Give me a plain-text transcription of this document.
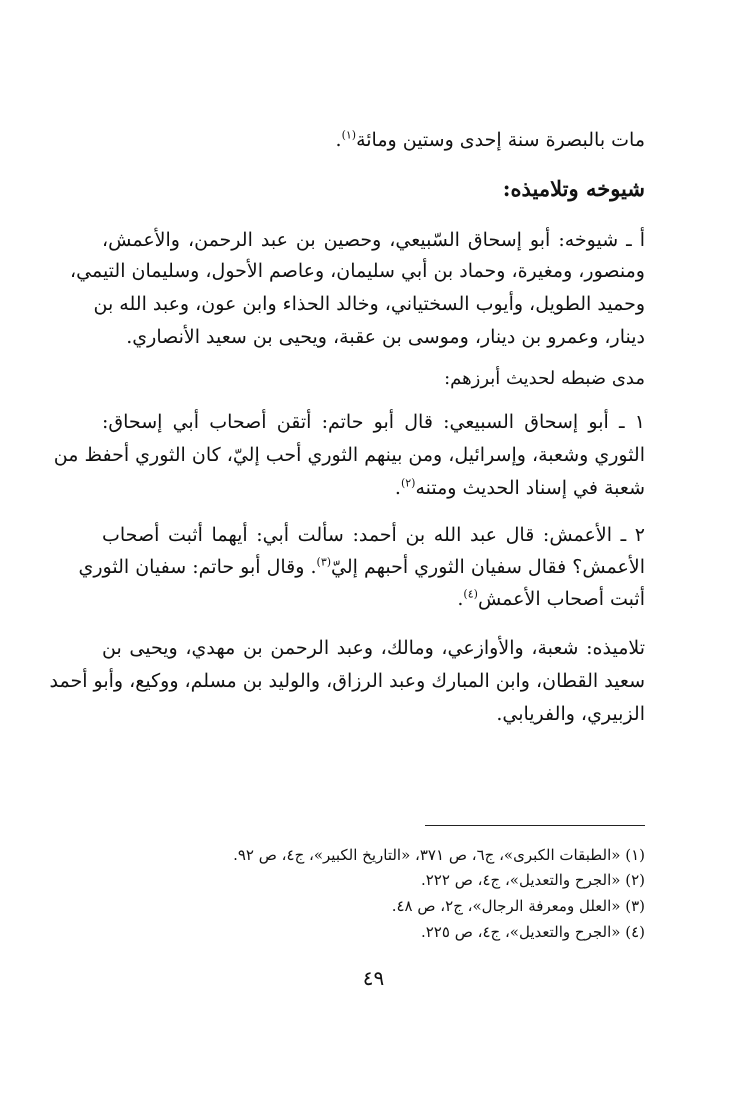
مات بالبصرة سنة إحدى وستين ومائة$^{(١)}$.
شيوخه وتلاميذه:
أ ـ شيوخه: أبو إسحاق السّبيعي، وحصين بن عبد الرحمن، والأعمش،
ومنصور، ومغيرة، وحماد بن أبي سليمان، وعاصم الأحول، وسليمان التيمي،
وحميد الطويل، وأيوب السختياني، وخالد الحذاء وابن عون، وعبد الله بن
دينار، وعمرو بن دينار، وموسى بن عقبة، ويحيى بن سعيد الأنصاري.
مدى ضبطه لحديث أبرزهم:
١ ـ أبو إسحاق السبيعي: قال أبو حاتم: أتقن أصحاب أبي إسحاق:
الثوري وشعبة، وإسرائيل، ومن بينهم الثوري أحب إليّ، كان الثوري أحفظ من
شعبة في إسناد الحديث ومتنه$^{(٢)}$.
٢ ـ الأعمش: قال عبد الله بن أحمد: سألت أبي: أيهما أثبت أصحاب
الأعمش؟ فقال سفيان الثوري أحبهم إليّ$^{(٣)}$. وقال أبو حاتم: سفيان الثوري
أثبت أصحاب الأعمش$^{(٤)}$.
تلاميذه: شعبة، والأوازعي، ومالك، وعبد الرحمن بن مهدي، ويحيى بن
سعيد القطان، وابن المبارك وعبد الرزاق، والوليد بن مسلم، ووكيع، وأبو أحمد
الزبيري، والفريابي.
(١) «الطبقات الكبرى»، ج٦، ص ٣٧١، «التاريخ الكبير»، ج٤، ص ٩٢.
(٢) «الجرح والتعديل»، ج٤، ص ٢٢٢.
(٣) «العلل ومعرفة الرجال»، ج٢، ص ٤٨.
(٤) «الجرح والتعديل»، ج٤، ص ٢٢٥.
٤٩
